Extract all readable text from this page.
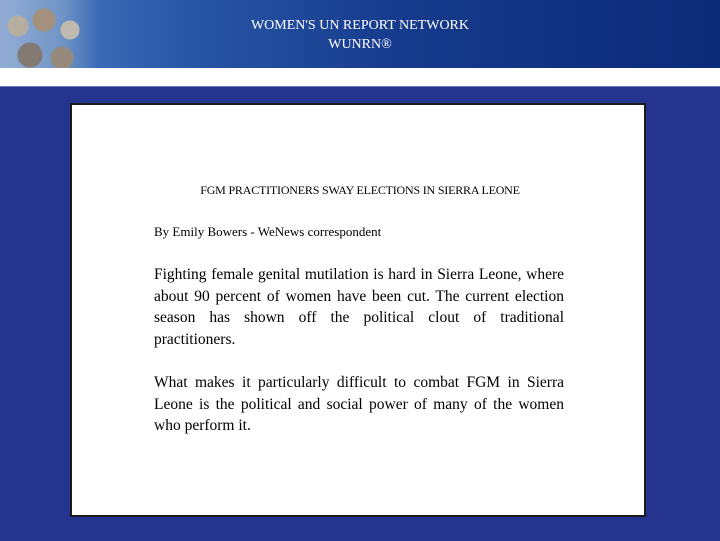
WOMEN'S UN REPORT NETWORK
WUNRN®
FGM PRACTITIONERS SWAY ELECTIONS IN SIERRA LEONE
By Emily Bowers - WeNews correspondent
Fighting female genital mutilation is hard in Sierra Leone, where about 90 percent of women have been cut. The current election season has shown off the political clout of traditional practitioners.
What makes it particularly difficult to combat FGM in Sierra Leone is the political and social power of many of the women who perform it.
